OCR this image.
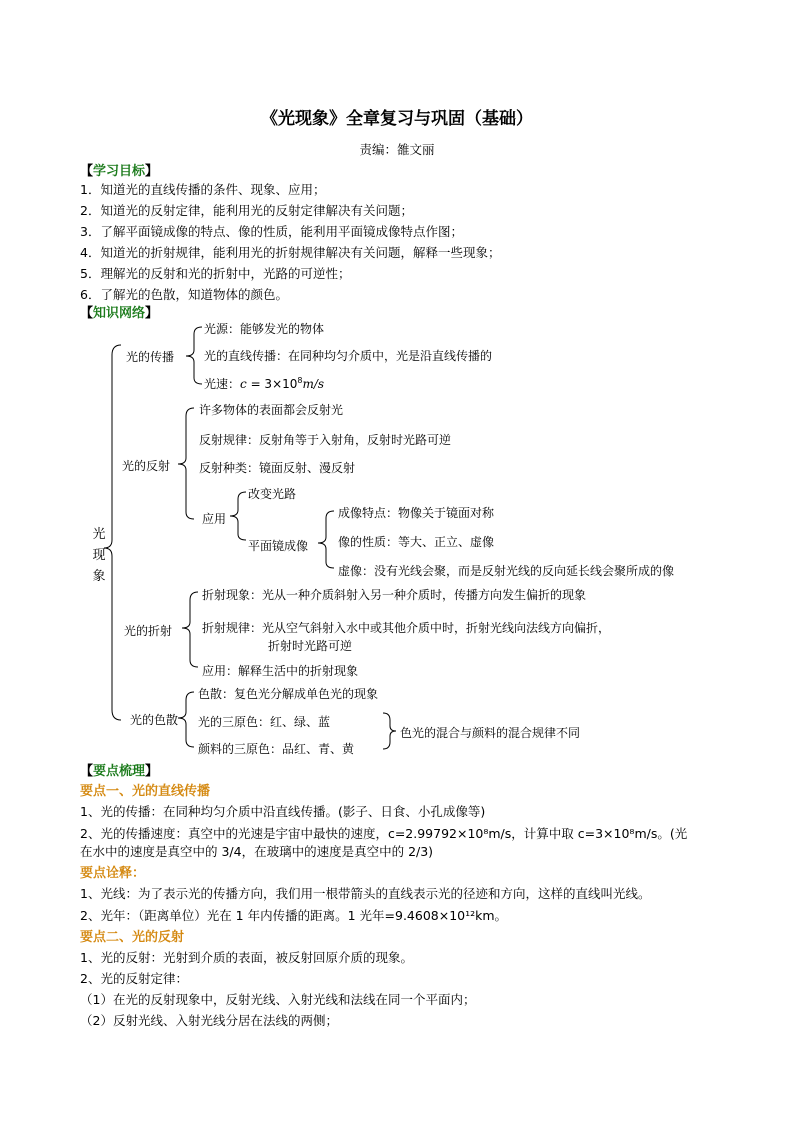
《光现象》全章复习与巩固（基础）
责编：雒文丽
【学习目标】
1．知道光的直线传播的条件、现象、应用；
2．知道光的反射定律，能利用光的反射定律解决有关问题；
3．了解平面镜成像的特点、像的性质，能利用平面镜成像特点作图；
4．知道光的折射规律，能利用光的折射规律解决有关问题，解释一些现象；
5．理解光的反射和光的折射中，光路的可逆性；
6．了解光的色散，知道物体的颜色。
【知识网络】
光现象
光的传播
光源：能够发光的物体
光的直线传播：在同种均匀介质中，光是沿直线传播的
光速：$c = 3\times 10^8m/s$
光的反射
许多物体的表面都会反射光
反射规律：反射角等于入射角，反射时光路可逆
反射种类：镜面反射、漫反射
应用
改变光路
平面镜成像
成像特点：物像关于镜面对称
像的性质：等大、正立、虚像
虚像：没有光线会聚，而是反射光线的反向延长线会聚所成的像
光的折射
折射现象：光从一种介质斜射入另一种介质时，传播方向发生偏折的现象
折射规律：光从空气斜射入水中或其他介质中时，折射光线向法线方向偏折，
折射时光路可逆
应用：解释生活中的折射现象
光的色散
色散：复色光分解成单色光的现象
光的三原色：红、绿、蓝
颜料的三原色：品红、青、黄
色光的混合与颜料的混合规律不同
【要点梳理】
要点一、光的直线传播
1、光的传播：在同种均匀介质中沿直线传播。(影子、日食、小孔成像等)
2、光的传播速度：真空中的光速是宇宙中最快的速度，c=2.99792×10⁸m/s，计算中取 c=3×10⁸m/s。(光
在水中的速度是真空中的 3/4，在玻璃中的速度是真空中的 2/3)
要点诠释：
1、光线：为了表示光的传播方向，我们用一根带箭头的直线表示光的径迹和方向，这样的直线叫光线。
2、光年：（距离单位）光在 1 年内传播的距离。1 光年=9.4608×10¹²km。
要点二、光的反射
1、光的反射：光射到介质的表面，被反射回原介质的现象。
2、光的反射定律：
（1）在光的反射现象中，反射光线、入射光线和法线在同一个平面内；
（2）反射光线、入射光线分居在法线的两侧；
